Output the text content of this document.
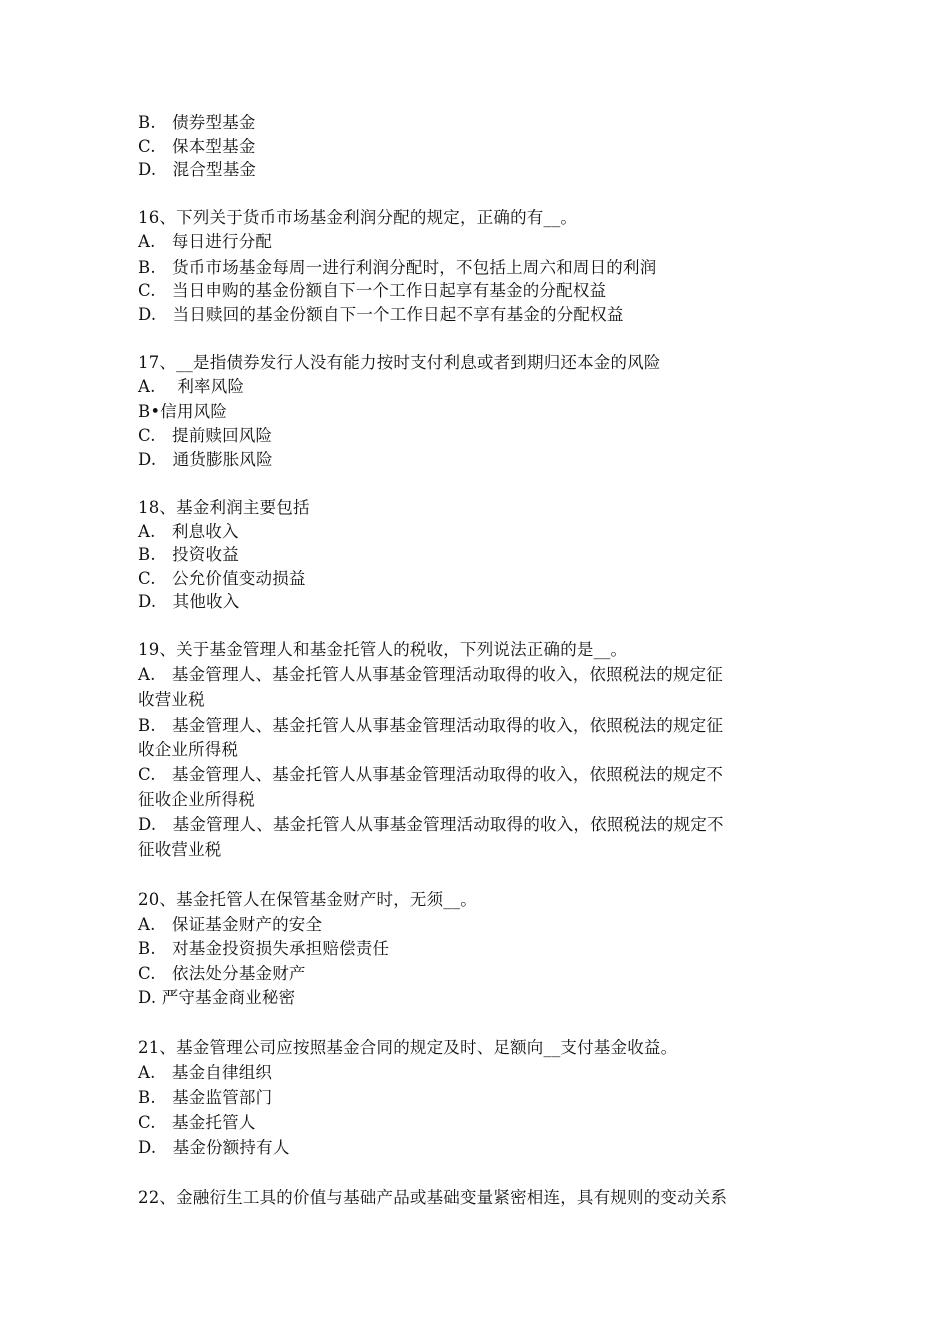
B.   债券型基金
C.   保本型基金
D.   混合型基金
16、下列关于货币市场基金利润分配的规定，正确的有__。
A.   每日进行分配
B.   货币市场基金每周一进行利润分配时，不包括上周六和周日的利润
C.   当日申购的基金份额自下一个工作日起享有基金的分配权益
D.   当日赎回的基金份额自下一个工作日起不享有基金的分配权益
17、__是指债券发行人没有能力按时支付利息或者到期归还本金的风险
A.    利率风险
B•信用风险
C.   提前赎回风险
D.   通货膨胀风险
18、基金利润主要包括
A.   利息收入
B.   投资收益
C.   公允价值变动损益
D.   其他收入
19、关于基金管理人和基金托管人的税收，下列说法正确的是__。
A.   基金管理人、基金托管人从事基金管理活动取得的收入，依照税法的规定征
收营业税
B.   基金管理人、基金托管人从事基金管理活动取得的收入，依照税法的规定征
收企业所得税
C.   基金管理人、基金托管人从事基金管理活动取得的收入，依照税法的规定不
征收企业所得税
D.   基金管理人、基金托管人从事基金管理活动取得的收入，依照税法的规定不
征收营业税
20、基金托管人在保管基金财产时，无须__。
A.   保证基金财产的安全
B.   对基金投资损失承担赔偿责任
C.   依法处分基金财产
D. 严守基金商业秘密
21、基金管理公司应按照基金合同的规定及时、足额向__支付基金收益。
A.   基金自律组织
B.   基金监管部门
C.   基金托管人
D.   基金份额持有人
22、金融衍生工具的价值与基础产品或基础变量紧密相连，具有规则的变动关系
